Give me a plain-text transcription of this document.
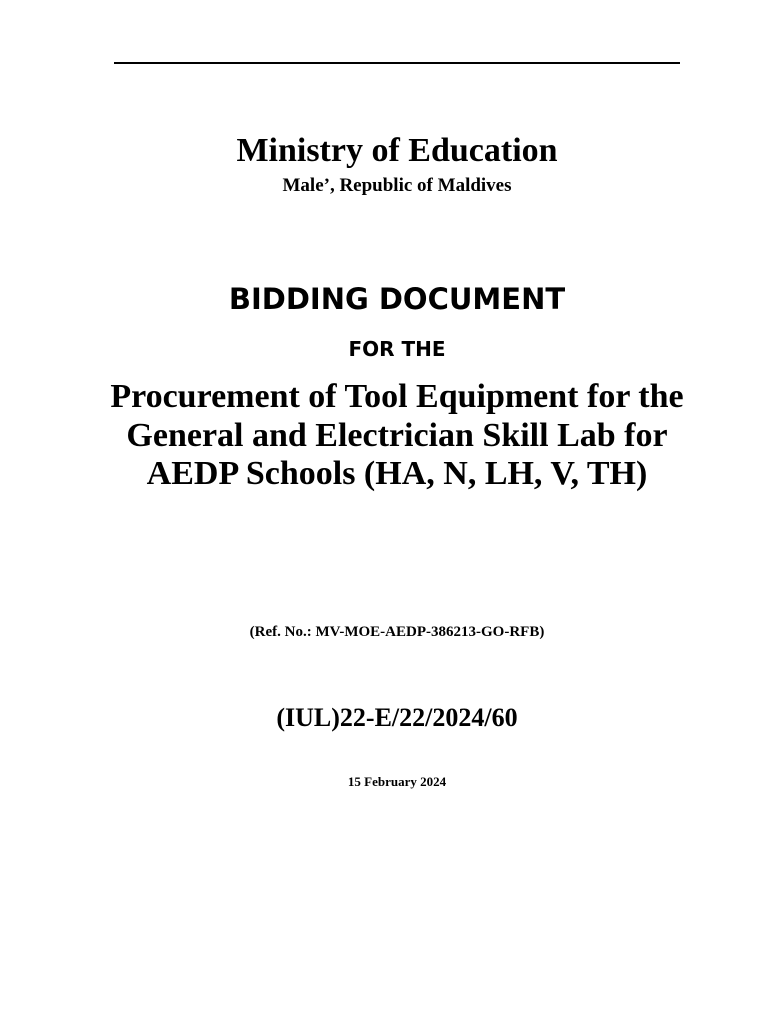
Ministry of Education
Male’, Republic of Maldives
BIDDING DOCUMENT
FOR THE
Procurement of Tool Equipment for the General and Electrician Skill Lab for AEDP Schools (HA, N, LH, V, TH)
(Ref. No.: MV-MOE-AEDP-386213-GO-RFB)
(IUL)22-E/22/2024/60
15 February 2024
